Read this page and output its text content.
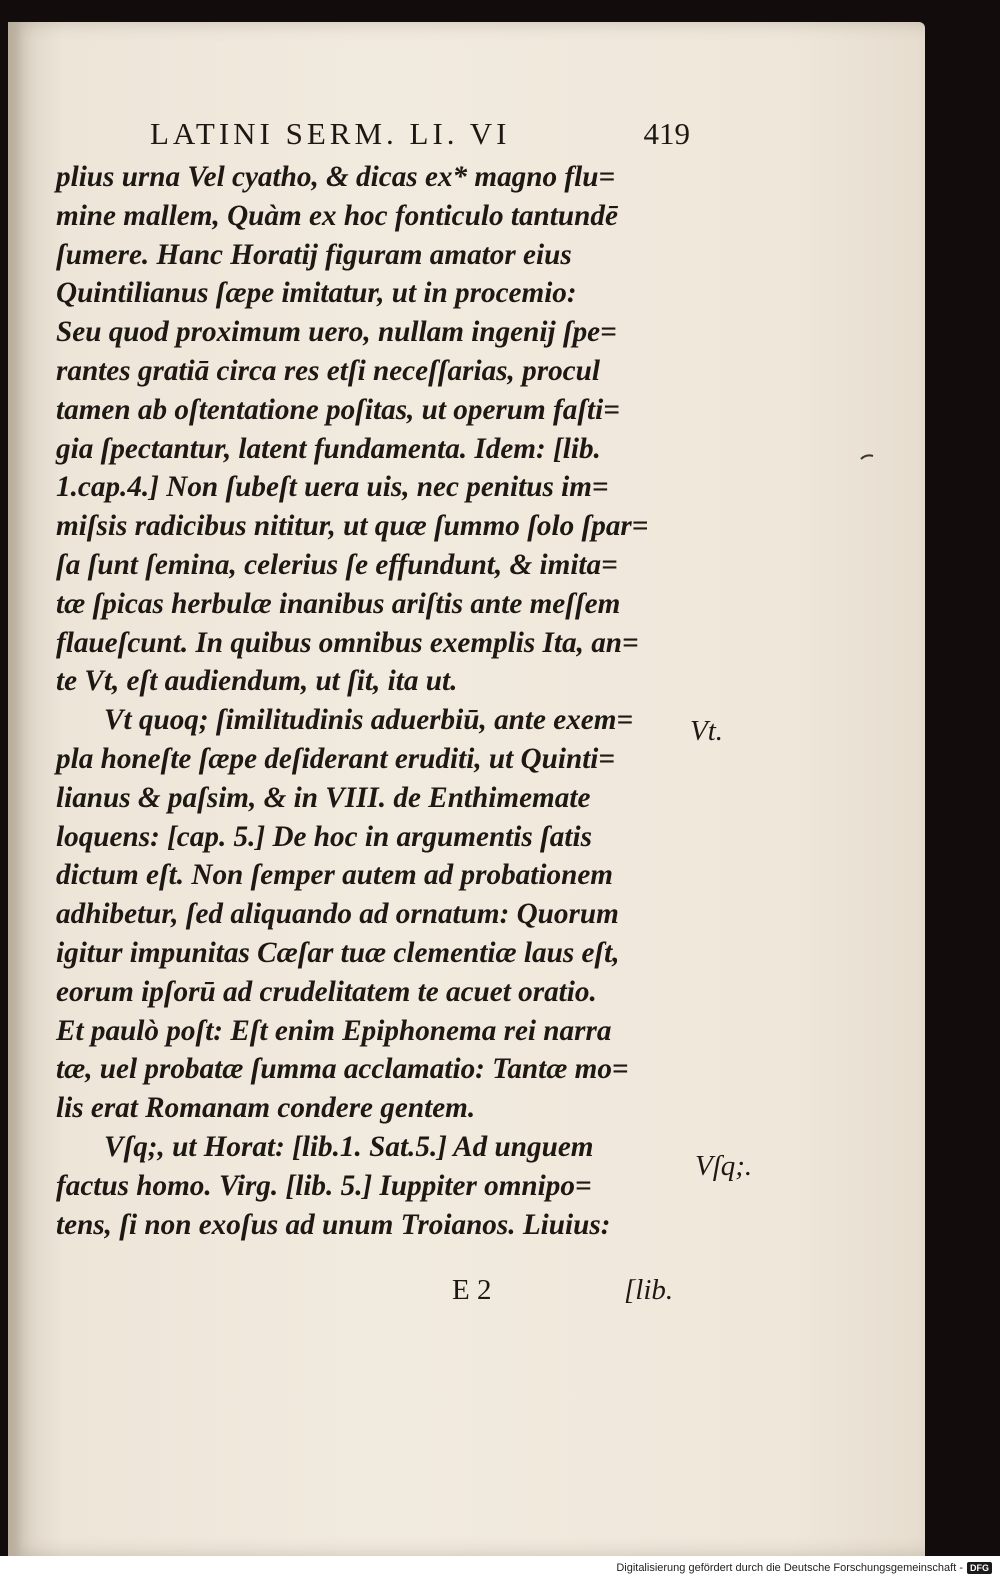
LATINI SERM. LI. VI	419
plius urna Vel cyatho, & dicas ex* magno flu=
mine mallem, Quàm ex hoc fonticulo tantundē
ſumere. Hanc Horatij figuram amator eius
Quintilianus ſæpe imitatur, ut in procemio:
Seu quod proximum uero, nullam ingenij ſpe=
rantes gratiā circa res etſi neceſſarias, procul
tamen ab oſtentatione poſitas, ut operum faſti=
gia ſpectantur, latent fundamenta. Idem: [lib.
1.cap.4.] Non ſubeſt uera uis, nec penitus im=
miſsis radicibus nititur, ut quæ ſummo ſolo ſpar=
ſa ſunt ſemina, celerius ſe effundunt, & imita=
tæ ſpicas herbulæ inanibus ariſtis ante meſſem
flaueſcunt. In quibus omnibus exemplis Ita, an=
te Vt, eſt audiendum, ut ſit, ita ut.
Vt quoq; ſimilitudinis aduerbiū, ante exem=
pla honeſte ſæpe deſiderant eruditi, ut Quinti=
lianus & paſsim, & in VIII. de Enthimemate
loquens: [cap. 5.] De hoc in argumentis ſatis
dictum eſt. Non ſemper autem ad probationem
adhibetur, ſed aliquando ad ornatum: Quorum
igitur impunitas Cæſar tuæ clementiæ laus eſt,
eorum ipſorū ad crudelitatem te acuet oratio.
Et paulò poſt: Eſt enim Epiphonema rei narra
tæ, uel probatæ ſumma acclamatio: Tantæ mo=
lis erat Romanam condere gentem.
Vſq;, ut Horat: [lib.1. Sat.5.] Ad unguem
factus homo. Virg. [lib. 5.] Iuppiter omnipo=
tens, ſi non exoſus ad unum Troianos. Liuius:
Vt.
Vſq;.
E 2	[lib.
Digitalisierung gefördert durch die Deutsche Forschungsgemeinschaft - DFG
